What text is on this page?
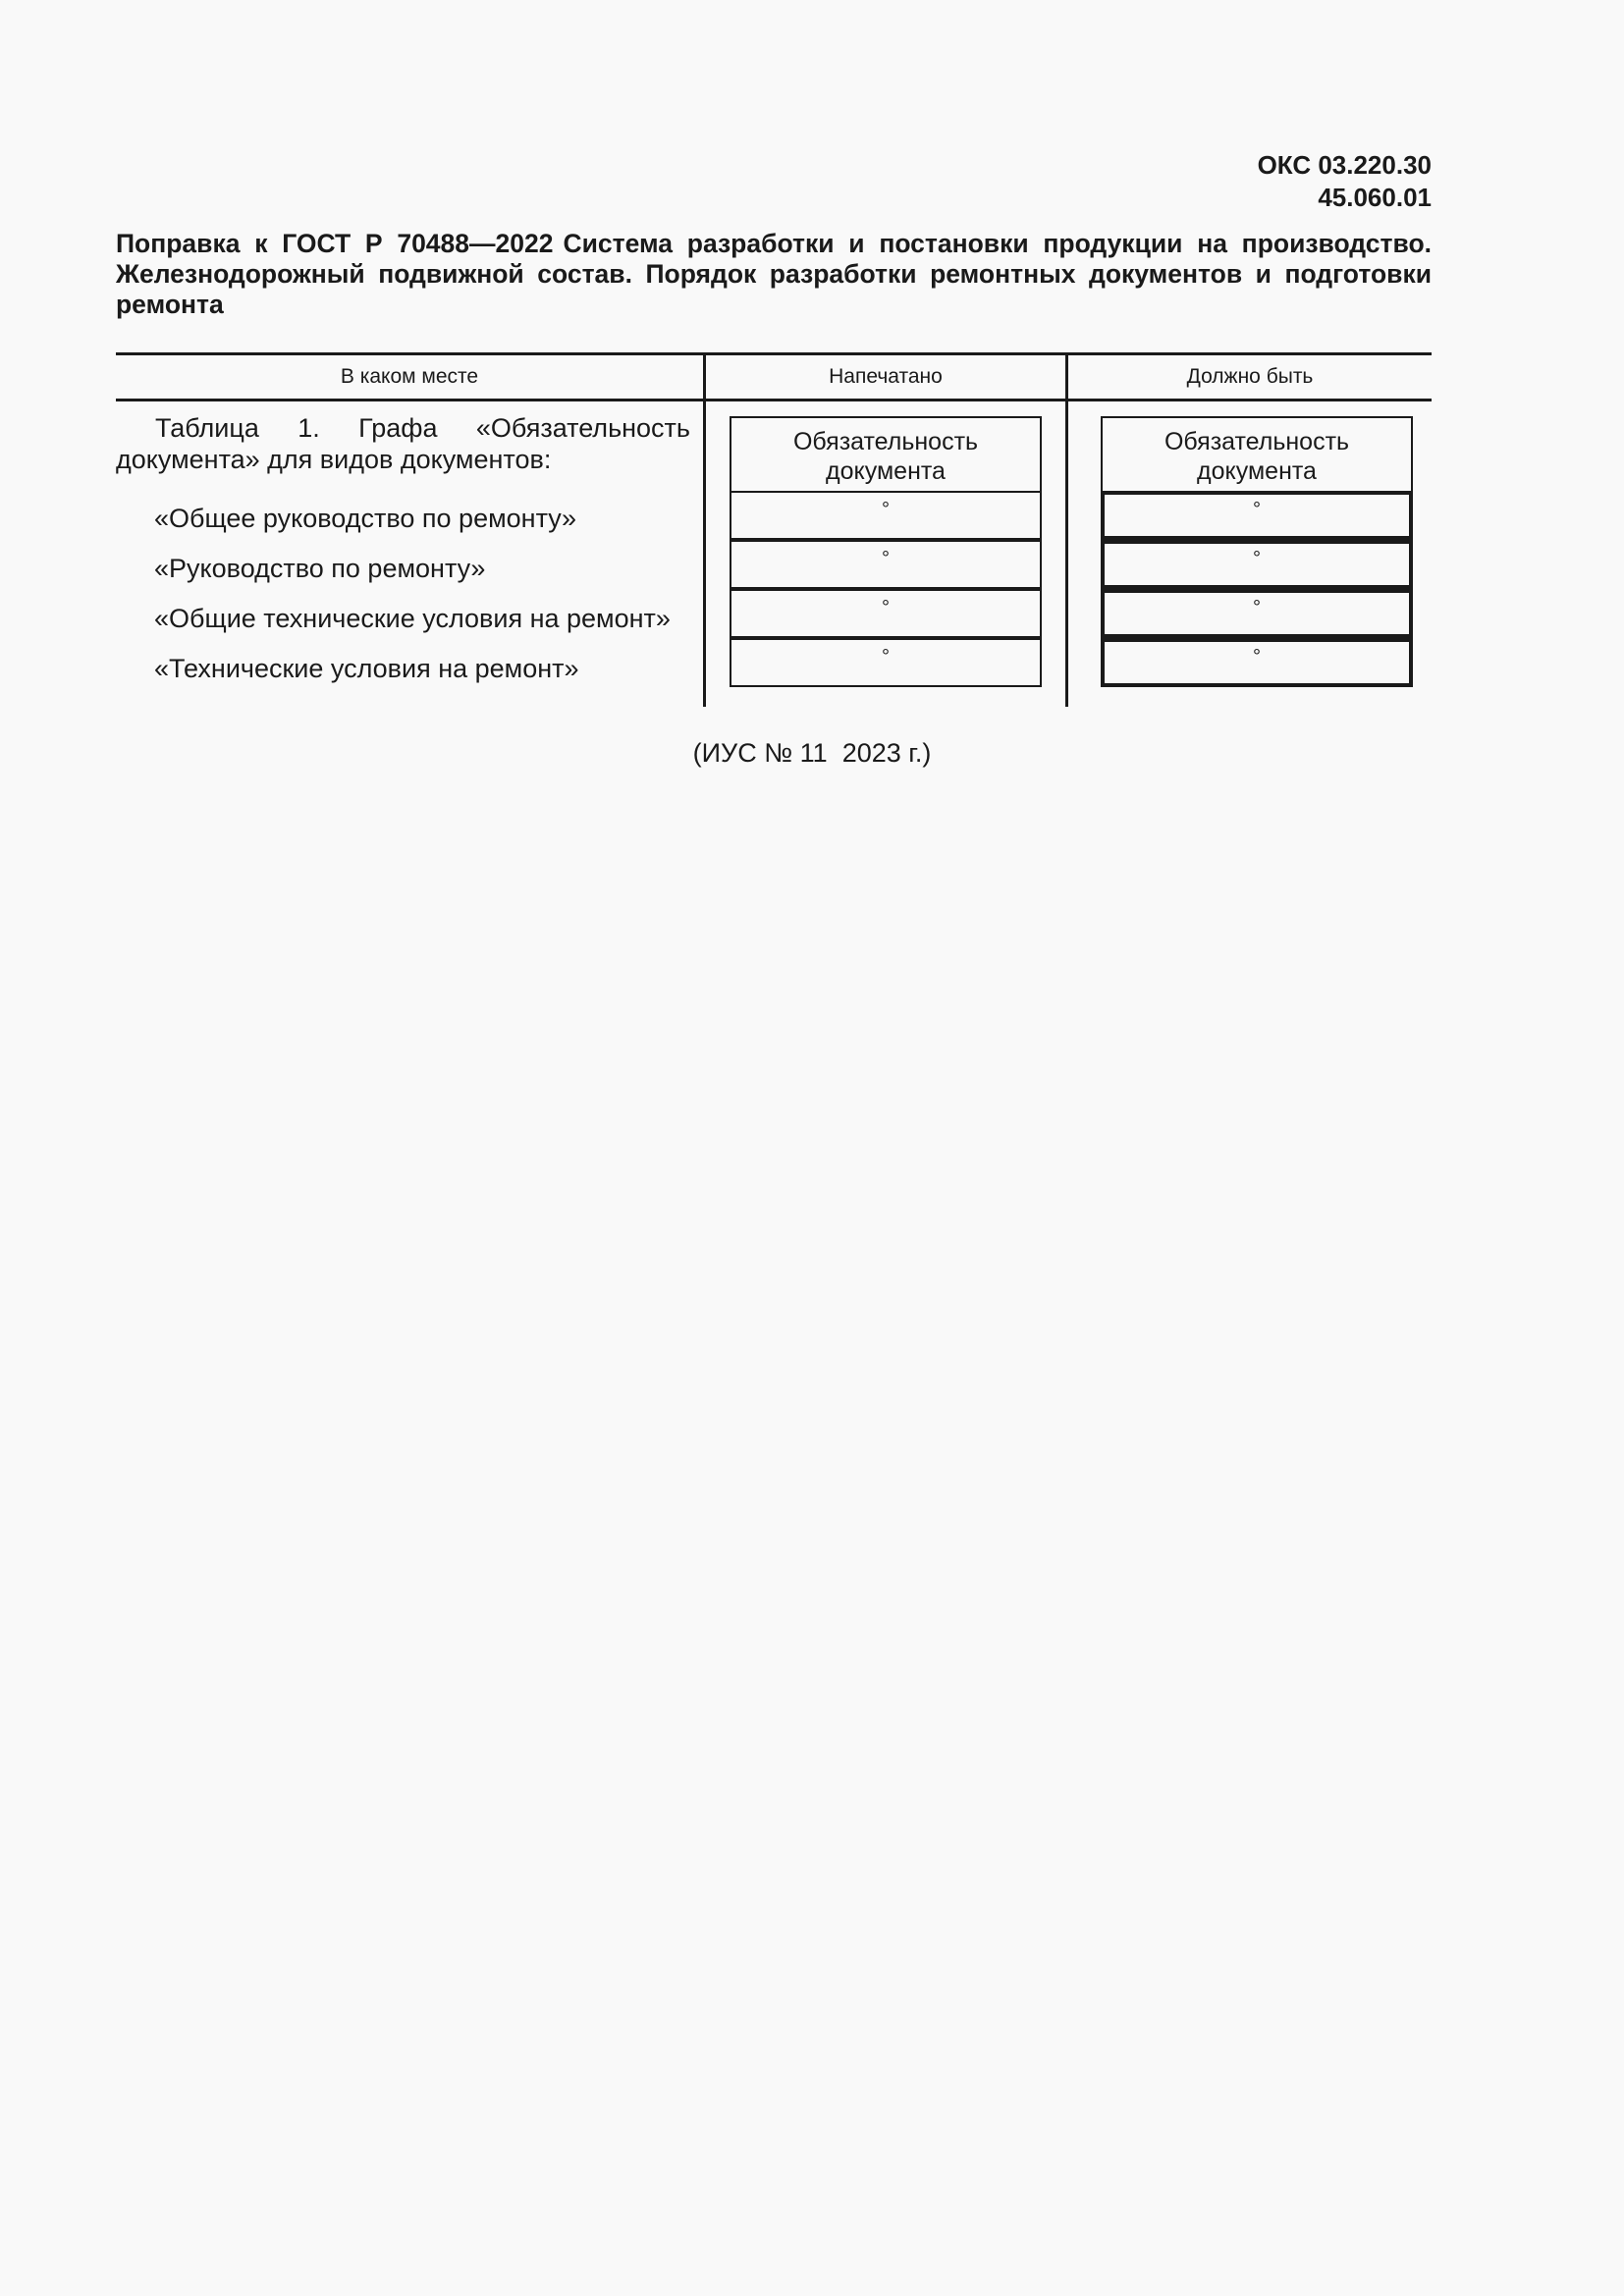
ОКС 03.220.30
45.060.01
Поправка к ГОСТ Р 70488—2022 Система разработки и постановки продукции на производство. Железнодорожный подвижной состав. Порядок разработки ремонтных документов и подготовки ремонта
В каком месте	Напечатано	Должно быть
Таблица 1. Графа «Обязательность документа» для видов документов:
«Общее руководство по ремонту»
«Руководство по ремонту»
«Общие технические условия на ремонт»
«Технические условия на ремонт»
Обязательность документа
°
°
°
°
Обязательность документа
°
°
°
°
(ИУС № 11 2023 г.)
